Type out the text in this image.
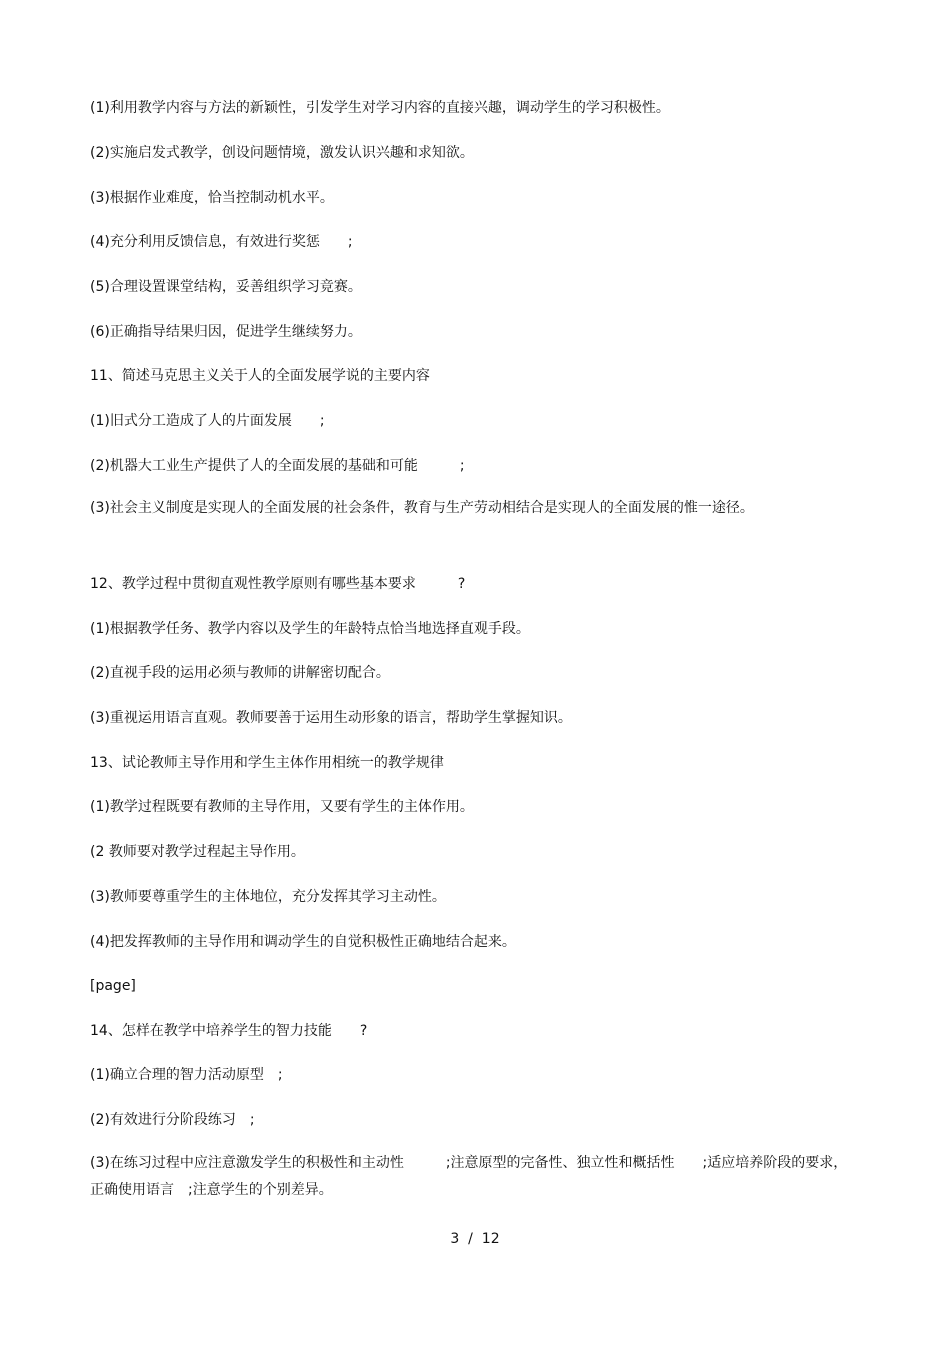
(1)利用教学内容与方法的新颖性，引发学生对学习内容的直接兴趣，调动学生的学习积极性。
(2)实施启发式教学，创设问题情境，激发认识兴趣和求知欲。
(3)根据作业难度，恰当控制动机水平。
(4)充分利用反馈信息，有效进行奖惩　　;
(5)合理设置课堂结构，妥善组织学习竞赛。
(6)正确指导结果归因，促进学生继续努力。
11、简述马克思主义关于人的全面发展学说的主要内容
(1)旧式分工造成了人的片面发展　　;
(2)机器大工业生产提供了人的全面发展的基础和可能　　　;
(3)社会主义制度是实现人的全面发展的社会条件，教育与生产劳动相结合是实现人的全面发展的惟一途径。
12、教学过程中贯彻直观性教学原则有哪些基本要求　　　?
(1)根据教学任务、教学内容以及学生的年龄特点恰当地选择直观手段。
(2)直视手段的运用必须与教师的讲解密切配合。
(3)重视运用语言直观。教师要善于运用生动形象的语言，帮助学生掌握知识。
13、试论教师主导作用和学生主体作用相统一的教学规律
(1)教学过程既要有教师的主导作用，又要有学生的主体作用。
(2 教师要对教学过程起主导作用。
(3)教师要尊重学生的主体地位，充分发挥其学习主动性。
(4)把发挥教师的主导作用和调动学生的自觉积极性正确地结合起来。
[page]
14、怎样在教学中培养学生的智力技能　　?
(1)确立合理的智力活动原型　;
(2)有效进行分阶段练习　;
(3)在练习过程中应注意激发学生的积极性和主动性　　　;注意原型的完备性、独立性和概括性　　;适应培养阶段的要求，正确使用语言　;注意学生的个别差异。
3  /  12
